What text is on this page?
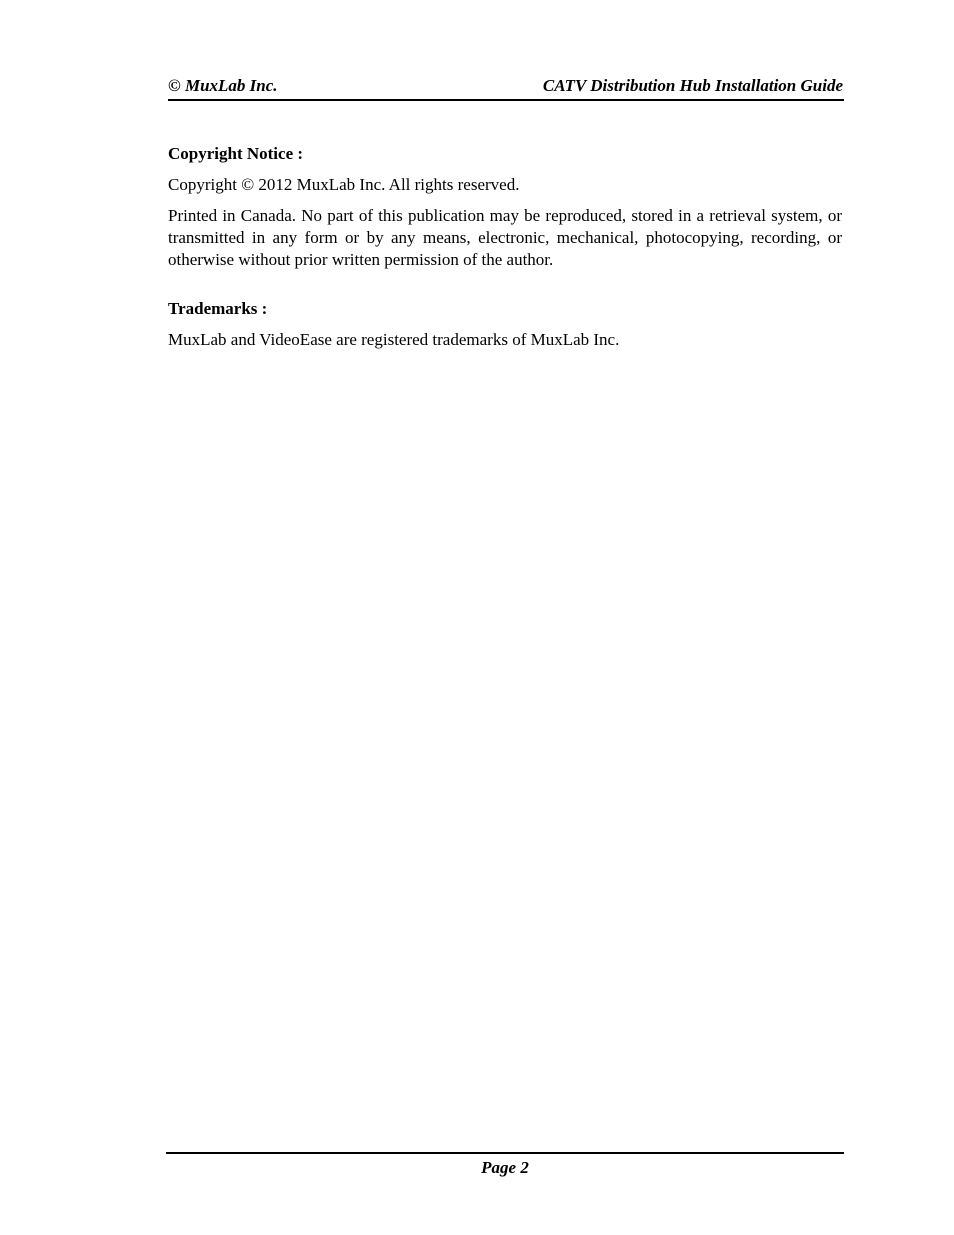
© MuxLab Inc.	CATV Distribution Hub Installation Guide
Copyright Notice :
Copyright © 2012 MuxLab Inc. All rights reserved.
Printed in Canada. No part of this publication may be reproduced, stored in a retrieval system, or transmitted in any form or by any means, electronic, mechanical, photocopying, recording, or otherwise without prior written permission of the author.
Trademarks :
MuxLab and VideoEase are registered trademarks of MuxLab Inc.
Page 2
